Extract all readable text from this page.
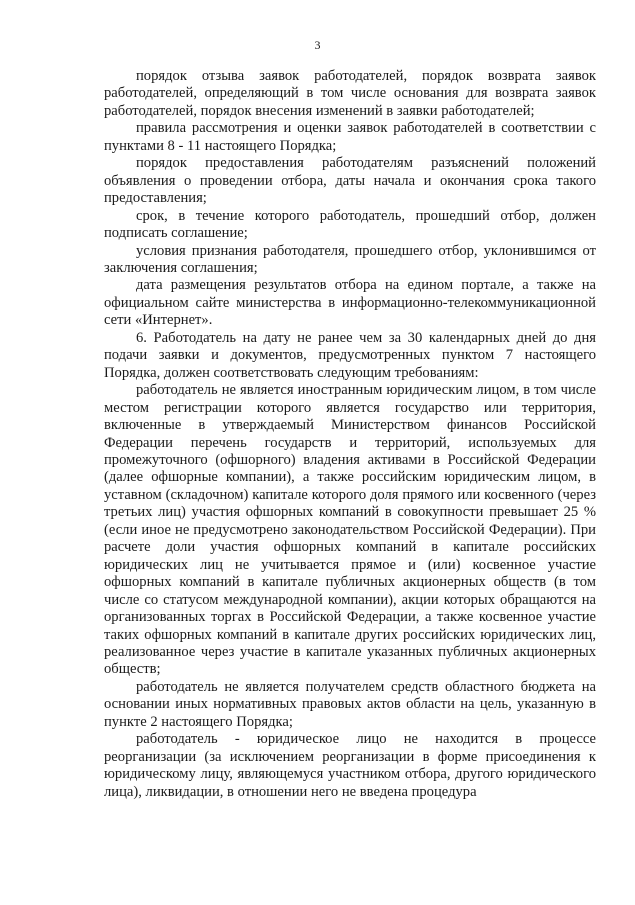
3

порядок отзыва заявок работодателей, порядок возврата заявок работодателей, определяющий в том числе основания для возврата заявок работодателей, порядок внесения изменений в заявки работодателей;

правила рассмотрения и оценки заявок работодателей в соответствии с пунктами 8 - 11 настоящего Порядка;

порядок предоставления работодателям разъяснений положений объявления о проведении отбора, даты начала и окончания срока такого предоставления;

срок, в течение которого работодатель, прошедший отбор, должен подписать соглашение;

условия признания работодателя, прошедшего отбор, уклонившимся от заключения соглашения;

дата размещения результатов отбора на едином портале, а также на официальном сайте министерства в информационно-телекоммуникационной сети «Интернет».

6. Работодатель на дату не ранее чем за 30 календарных дней до дня подачи заявки и документов, предусмотренных пунктом 7 настоящего Порядка, должен соответствовать следующим требованиям:

работодатель не является иностранным юридическим лицом, в том числе местом регистрации которого является государство или территория, включенные в утверждаемый Министерством финансов Российской Федерации перечень государств и территорий, используемых для промежуточного (офшорного) владения активами в Российской Федерации (далее офшорные компании), а также российским юридическим лицом, в уставном (складочном) капитале которого доля прямого или косвенного (через третьих лиц) участия офшорных компаний в совокупности превышает 25 % (если иное не предусмотрено законодательством Российской Федерации). При расчете доли участия офшорных компаний в капитале российских юридических лиц не учитывается прямое и (или) косвенное участие офшорных компаний в капитале публичных акционерных обществ (в том числе со статусом международной компании), акции которых обращаются на организованных торгах в Российской Федерации, а также косвенное участие таких офшорных компаний в капитале других российских юридических лиц, реализованное через участие в капитале указанных публичных акционерных обществ;

работодатель не является получателем средств областного бюджета на основании иных нормативных правовых актов области на цель, указанную в пункте 2 настоящего Порядка;

работодатель - юридическое лицо не находится в процессе реорганизации (за исключением реорганизации в форме присоединения к юридическому лицу, являющемуся участником отбора, другого юридического лица), ликвидации, в отношении него не введена процедура
